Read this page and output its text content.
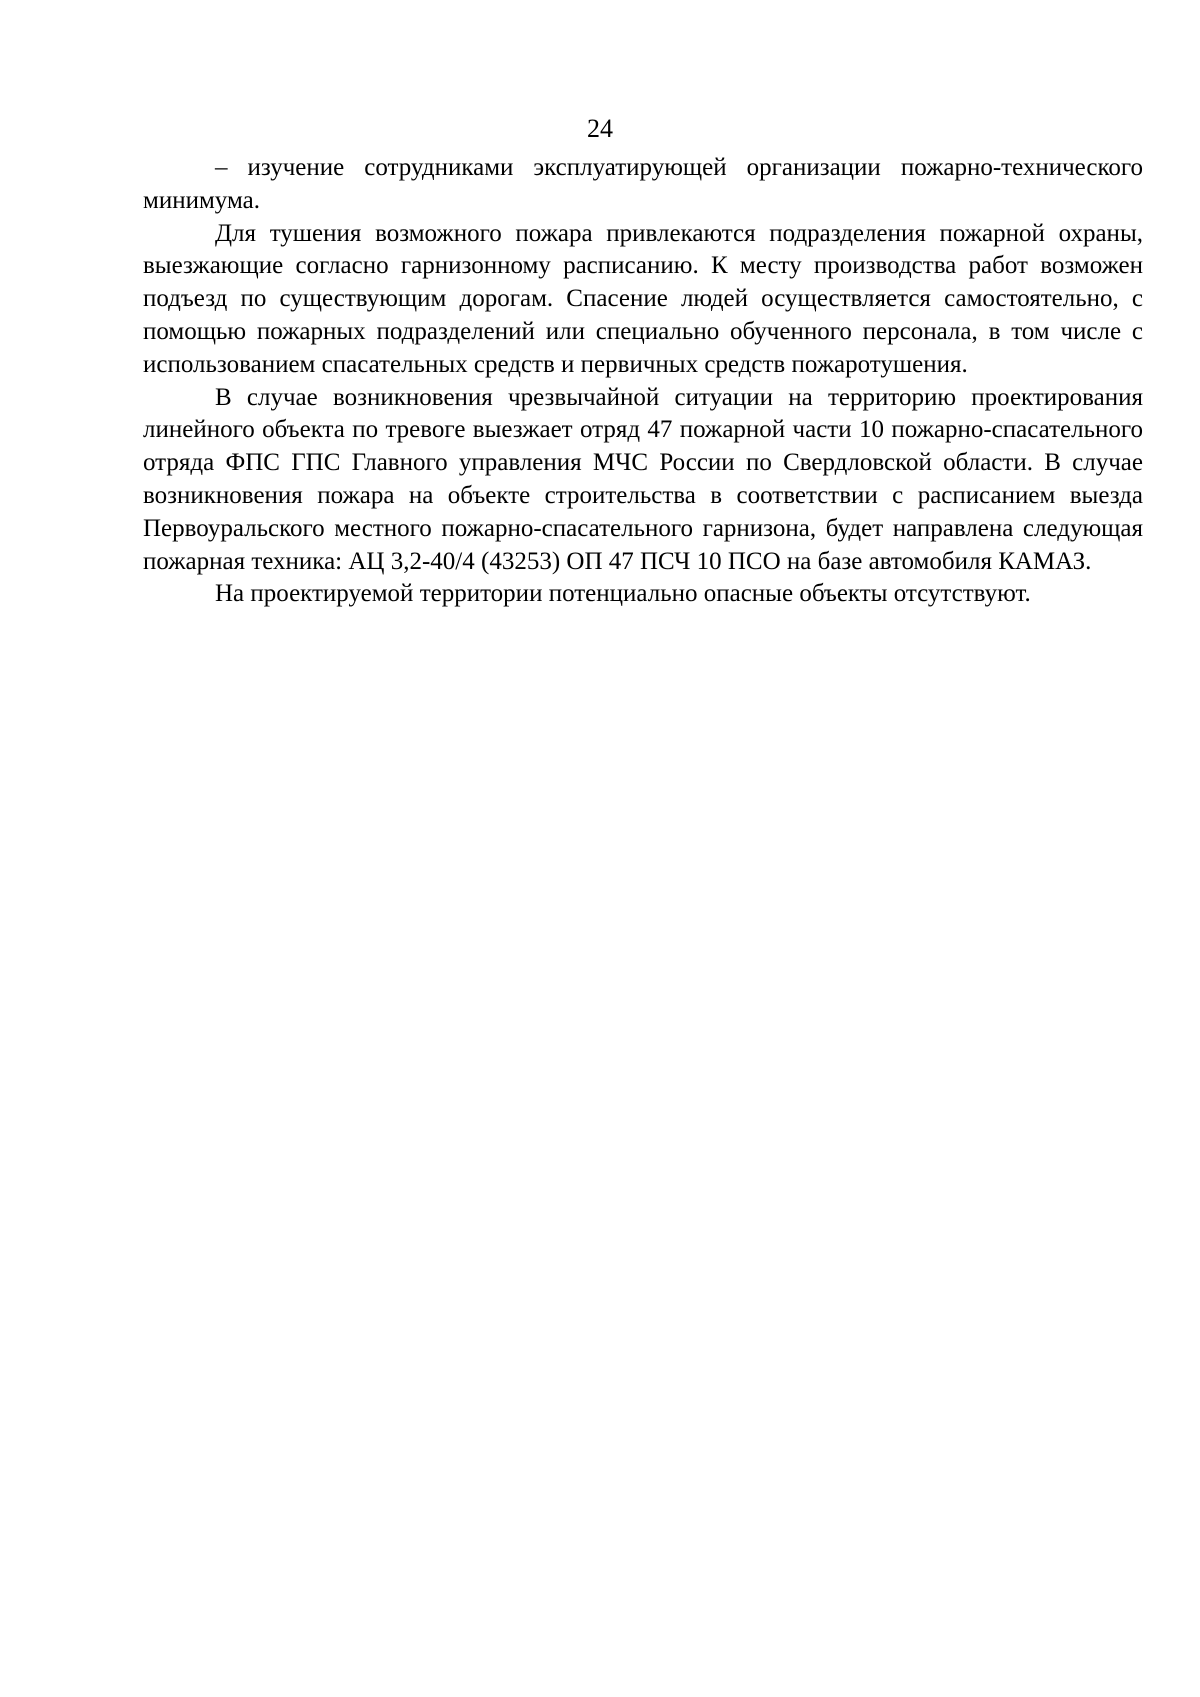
24

– изучение сотрудниками эксплуатирующей организации пожарно-технического минимума.

Для тушения возможного пожара привлекаются подразделения пожарной охраны, выезжающие согласно гарнизонному расписанию. К месту производства работ возможен подъезд по существующим дорогам. Спасение людей осуществляется самостоятельно, с помощью пожарных подразделений или специально обученного персонала, в том числе с использованием спасательных средств и первичных средств пожаротушения.

В случае возникновения чрезвычайной ситуации на территорию проектирования линейного объекта по тревоге выезжает отряд 47 пожарной части 10 пожарно-спасательного отряда ФПС ГПС Главного управления МЧС России по Свердловской области. В случае возникновения пожара на объекте строительства в соответствии с расписанием выезда Первоуральского местного пожарно-спасательного гарнизона, будет направлена следующая пожарная техника: АЦ 3,2-40/4 (43253) ОП 47 ПСЧ 10 ПСО на базе автомобиля КАМАЗ.

На проектируемой территории потенциально опасные объекты отсутствуют.
